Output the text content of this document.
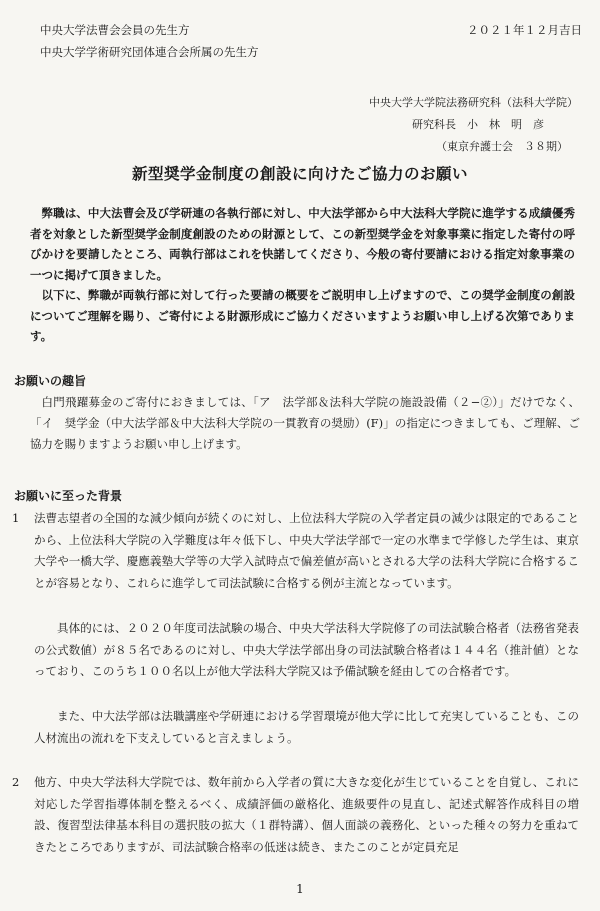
中央大学法曹会会員の先生方
中央大学学術研究団体連合会所属の先生方
２０２１年１２月吉日
中央大学大学院法務研究科（法科大学院）
研究科長　小　林　明　彦
（東京弁護士会　３８期）
新型奨学金制度の創設に向けたご協力のお願い
弊職は、中大法曹会及び学研連の各執行部に対し、中大法学部から中大法科大学院に進学する成績優秀者を対象とした新型奨学金制度創設のための財源として、この新型奨学金を対象事業に指定した寄付の呼びかけを要請したところ、両執行部はこれを快諾してくださり、今般の寄付要請における指定対象事業の一つに掲げて頂きました。
以下に、弊職が両執行部に対して行った要請の概要をご説明申し上げますので、この奨学金制度の創設についてご理解を賜り、ご寄付による財源形成にご協力くださいますようお願い申し上げる次第であります。
お願いの趣旨
白門飛躍募金のご寄付におきましては、「ア　法学部＆法科大学院の施設設備（２−②）」だけでなく、「イ　奨学金（中大法学部＆中大法科大学院の一貫教育の奨励）(F)」の指定につきましても、ご理解、ご協力を賜りますようお願い申し上げます。
お願いに至った背景
1 法曹志望者の全国的な減少傾向が続くのに対し、上位法科大学院の入学者定員の減少は限定的であることから、上位法科大学院の入学難度は年々低下し、中央大学法学部で一定の水準まで学修した学生は、東京大学や一橋大学、慶應義塾大学等の大学入試時点で偏差値が高いとされる大学の法科大学院に合格することが容易となり、これらに進学して司法試験に合格する例が主流となっています。
具体的には、２０２０年度司法試験の場合、中央大学法科大学院修了の司法試験合格者（法務省発表の公式数値）が８５名であるのに対し、中央大学法学部出身の司法試験合格者は１４４名（推計値）となっており、このうち１００名以上が他大学法科大学院又は予備試験を経由しての合格者です。
また、中大法学部は法職講座や学研連における学習環境が他大学に比して充実していることも、この人材流出の流れを下支えしていると言えましょう。
2 他方、中央大学法科大学院では、数年前から入学者の質に大きな変化が生じていることを自覚し、これに対応した学習指導体制を整えるべく、成績評価の厳格化、進級要件の見直し、記述式解答作成科目の増設、復習型法律基本科目の選択肢の拡大（１群特講）、個人面談の義務化、といった種々の努力を重ねてきたところでありますが、司法試験合格率の低迷は続き、またこのことが定員充足
1
